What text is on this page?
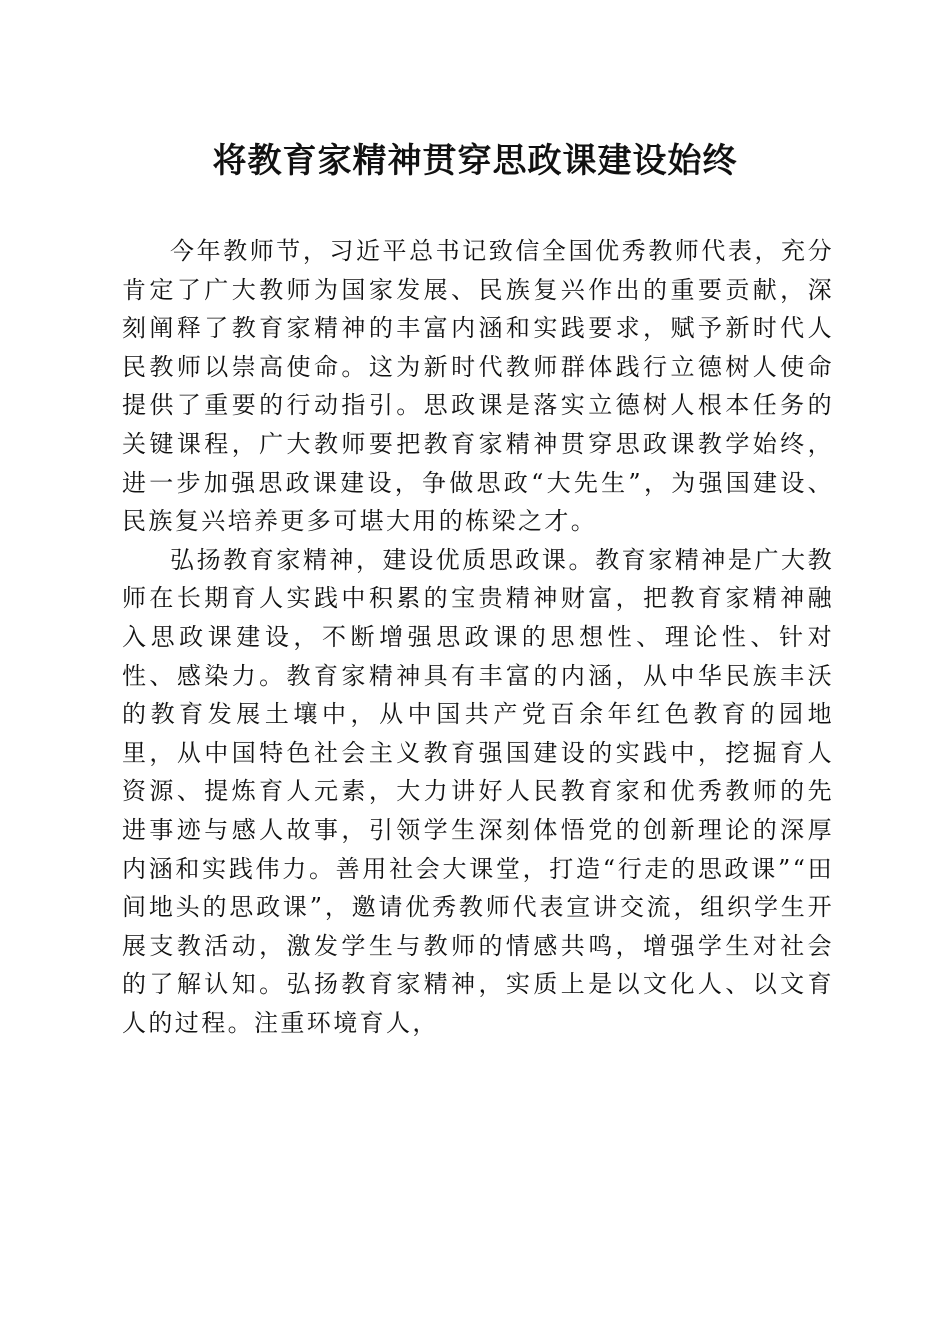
将教育家精神贯穿思政课建设始终

今年教师节，习近平总书记致信全国优秀教师代表，充分肯定了广大教师为国家发展、民族复兴作出的重要贡献，深刻阐释了教育家精神的丰富内涵和实践要求，赋予新时代人民教师以崇高使命。这为新时代教师群体践行立德树人使命提供了重要的行动指引。思政课是落实立德树人根本任务的关键课程，广大教师要把教育家精神贯穿思政课教学始终，进一步加强思政课建设，争做思政“大先生”，为强国建设、民族复兴培养更多可堪大用的栋梁之才。

弘扬教育家精神，建设优质思政课。教育家精神是广大教师在长期育人实践中积累的宝贵精神财富，把教育家精神融入思政课建设，不断增强思政课的思想性、理论性、针对性、感染力。教育家精神具有丰富的内涵，从中华民族丰沃的教育发展土壤中，从中国共产党百余年红色教育的园地里，从中国特色社会主义教育强国建设的实践中，挖掘育人资源、提炼育人元素，大力讲好人民教育家和优秀教师的先进事迹与感人故事，引领学生深刻体悟党的创新理论的深厚内涵和实践伟力。善用社会大课堂，打造“行走的思政课”“田间地头的思政课”，邀请优秀教师代表宣讲交流，组织学生开展支教活动，激发学生与教师的情感共鸣，增强学生对社会的了解认知。弘扬教育家精神，实质上是以文化人、以文育人的过程。注重环境育人，
